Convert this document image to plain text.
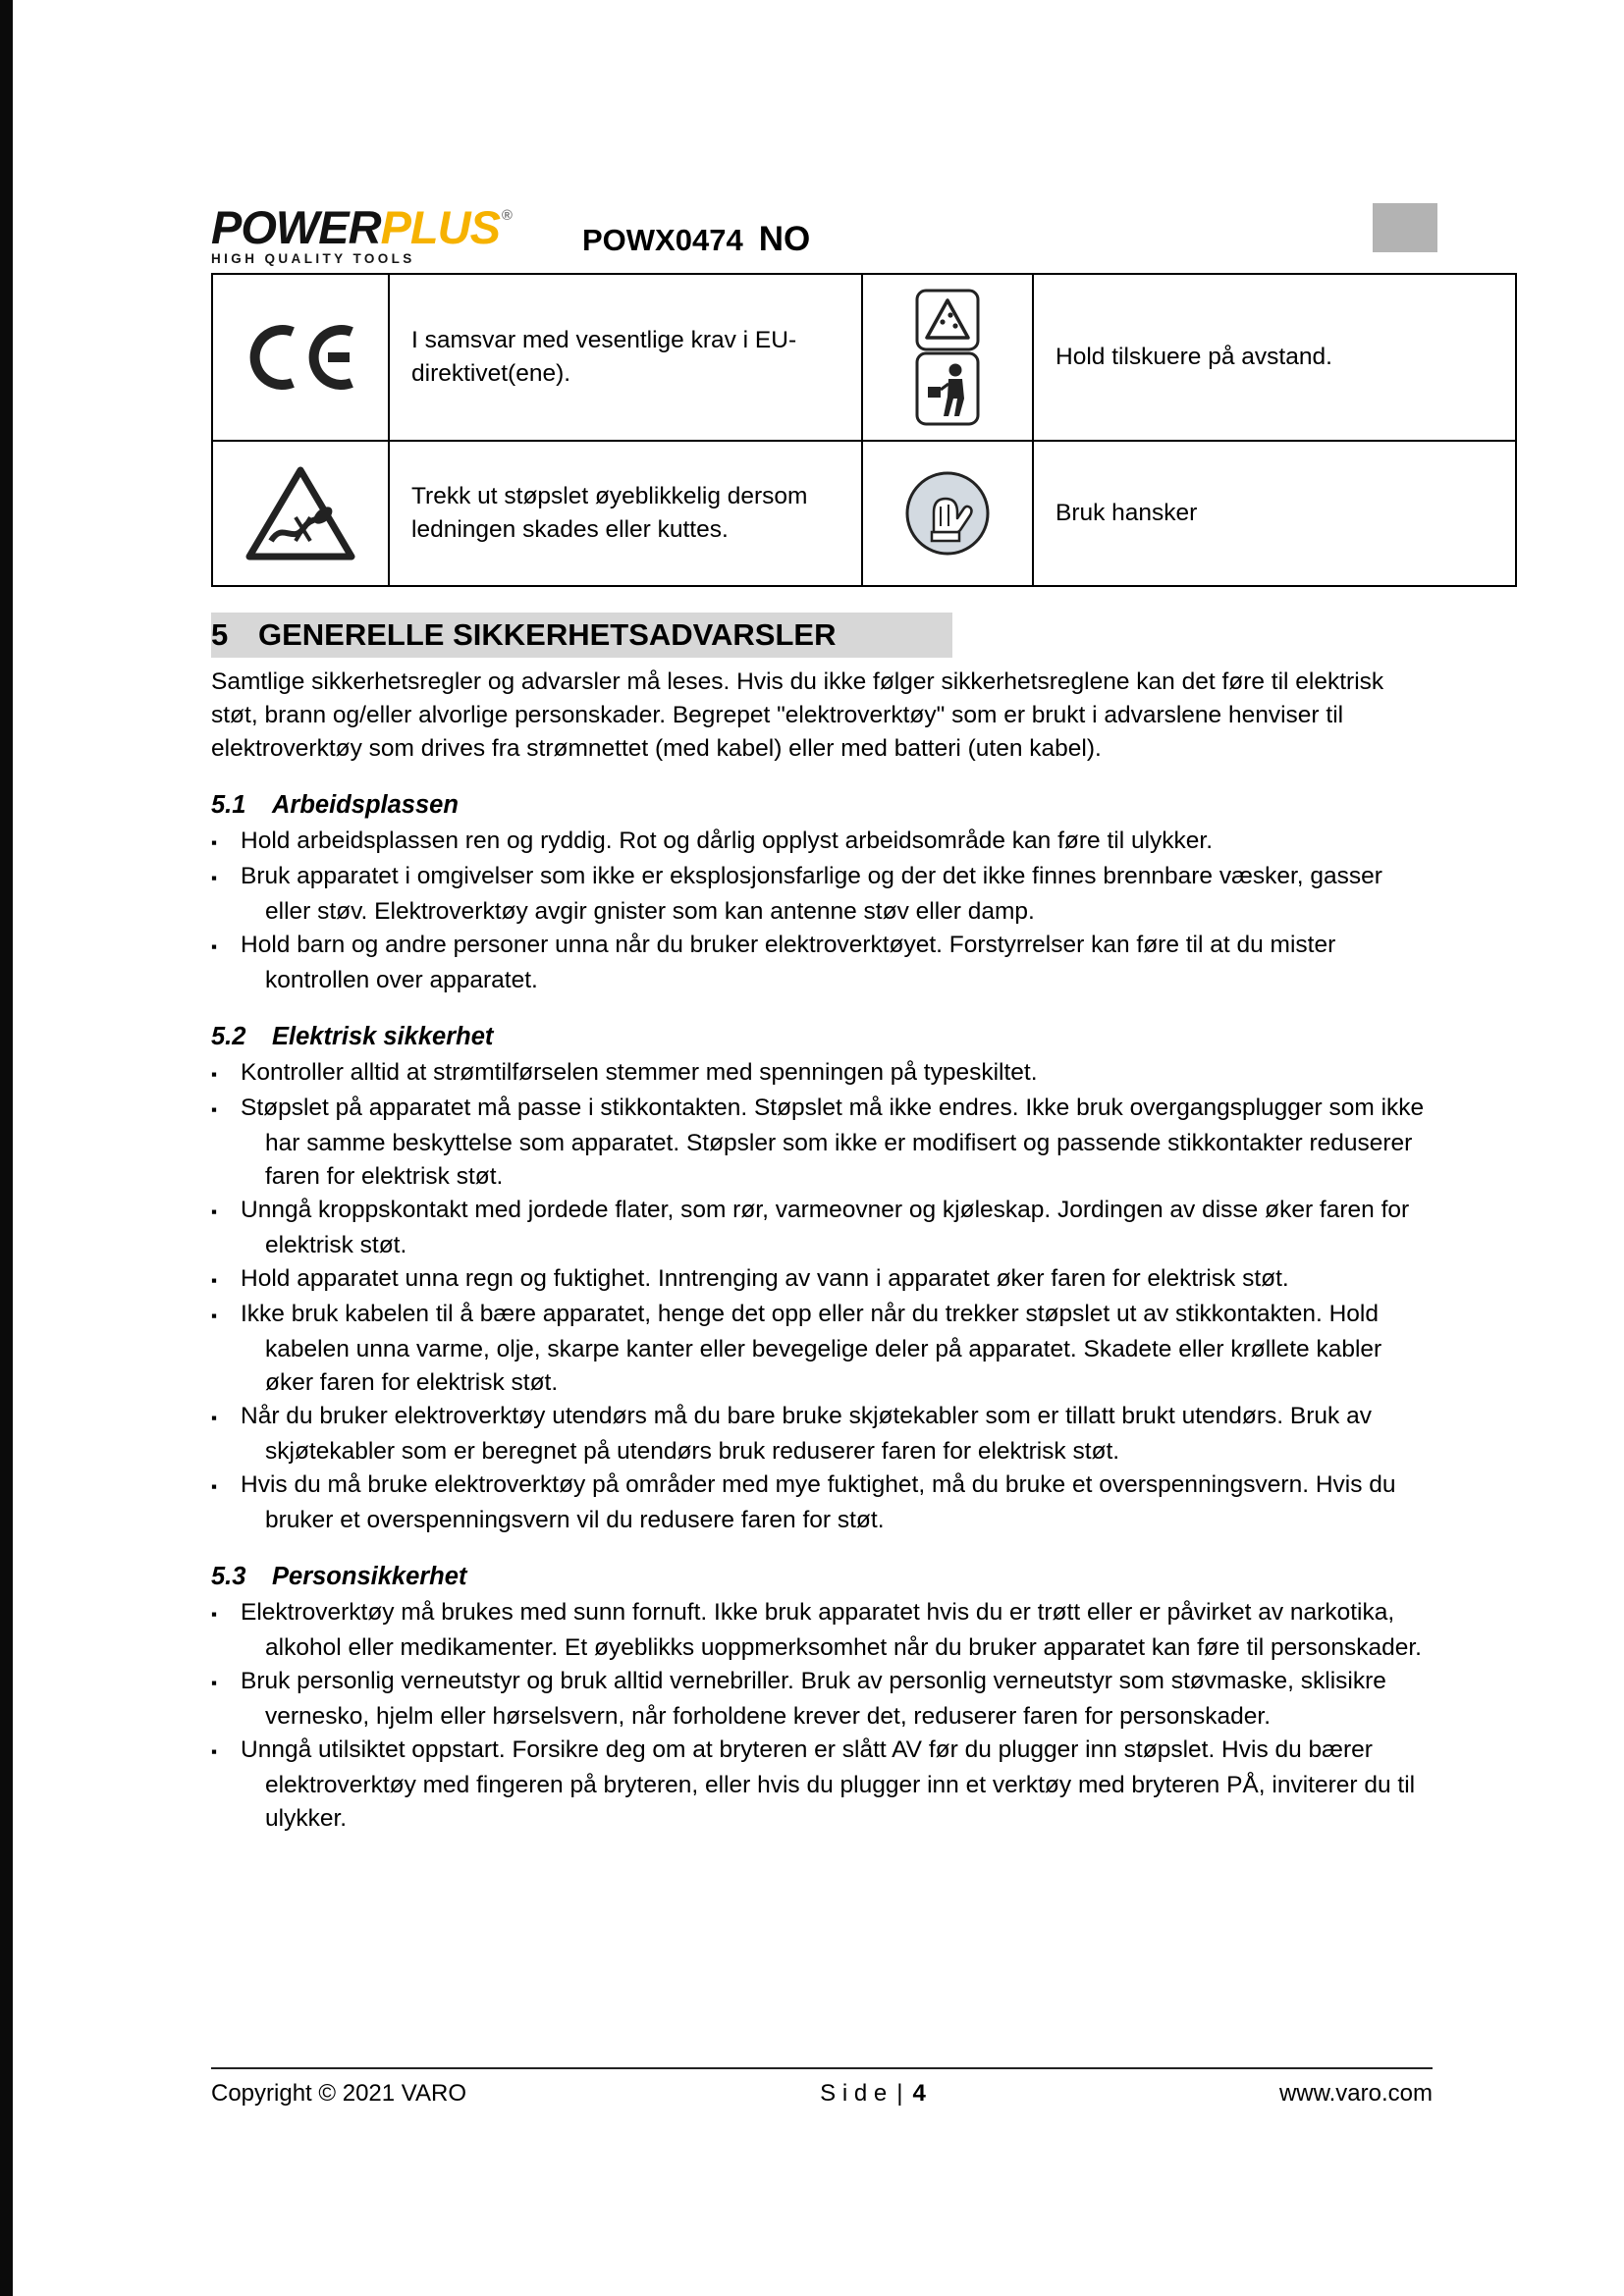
POWERPLUS ®
HIGH QUALITY TOOLS
POWX0474 NO
	I samsvar med vesentlige krav i EU-direktivet(ene).		Hold tilskuere på avstand.
	Trekk ut støpslet øyeblikkelig dersom ledningen skades eller kuttes.		Bruk hansker
5 GENERELLE SIKKERHETSADVARSLER

Samtlige sikkerhetsregler og advarsler må leses. Hvis du ikke følger sikkerhetsreglene kan det føre til elektrisk støt, brann og/eller alvorlige personskader. Begrepet "elektroverktøy" som er brukt i advarslene henviser til elektroverktøy som drives fra strømnettet (med kabel) eller med batteri (uten kabel).

5.1 Arbeidsplassen
▪ Hold arbeidsplassen ren og ryddig. Rot og dårlig opplyst arbeidsområde kan føre til ulykker.
▪ Bruk apparatet i omgivelser som ikke er eksplosjonsfarlige og der det ikke finnes brennbare væsker, gasser eller støv. Elektroverktøy avgir gnister som kan antenne støv eller damp.
▪ Hold barn og andre personer unna når du bruker elektroverktøyet. Forstyrrelser kan føre til at du mister kontrollen over apparatet.
5.2 Elektrisk sikkerhet
▪ Kontroller alltid at strømtilførselen stemmer med spenningen på typeskiltet.
▪ Støpslet på apparatet må passe i stikkontakten. Støpslet må ikke endres. Ikke bruk overgangsplugger som ikke har samme beskyttelse som apparatet. Støpsler som ikke er modifisert og passende stikkontakter reduserer faren for elektrisk støt.
▪ Unngå kroppskontakt med jordede flater, som rør, varmeovner og kjøleskap. Jordingen av disse øker faren for elektrisk støt.
▪ Hold apparatet unna regn og fuktighet. Inntrenging av vann i apparatet øker faren for elektrisk støt.
▪ Ikke bruk kabelen til å bære apparatet, henge det opp eller når du trekker støpslet ut av stikkontakten. Hold kabelen unna varme, olje, skarpe kanter eller bevegelige deler på apparatet. Skadete eller krøllete kabler øker faren for elektrisk støt.
▪ Når du bruker elektroverktøy utendørs må du bare bruke skjøtekabler som er tillatt brukt utendørs. Bruk av skjøtekabler som er beregnet på utendørs bruk reduserer faren for elektrisk støt.
▪ Hvis du må bruke elektroverktøy på områder med mye fuktighet, må du bruke et overspenningsvern. Hvis du bruker et overspenningsvern vil du redusere faren for støt.
5.3 Personsikkerhet
▪ Elektroverktøy må brukes med sunn fornuft. Ikke bruk apparatet hvis du er trøtt eller er påvirket av narkotika, alkohol eller medikamenter. Et øyeblikks uoppmerksomhet når du bruker apparatet kan føre til personskader.
▪ Bruk personlig verneutstyr og bruk alltid vernebriller. Bruk av personlig verneutstyr som støvmaske, sklisikre vernesko, hjelm eller hørselsvern, når forholdene krever det, reduserer faren for personskader.
▪ Unngå utilsiktet oppstart. Forsikre deg om at bryteren er slått AV før du plugger inn støpslet. Hvis du bærer elektroverktøy med fingeren på bryteren, eller hvis du plugger inn et verktøy med bryteren PÅ, inviterer du til ulykker.
Copyright © 2021 VARO	S i d e | 4	www.varo.com
